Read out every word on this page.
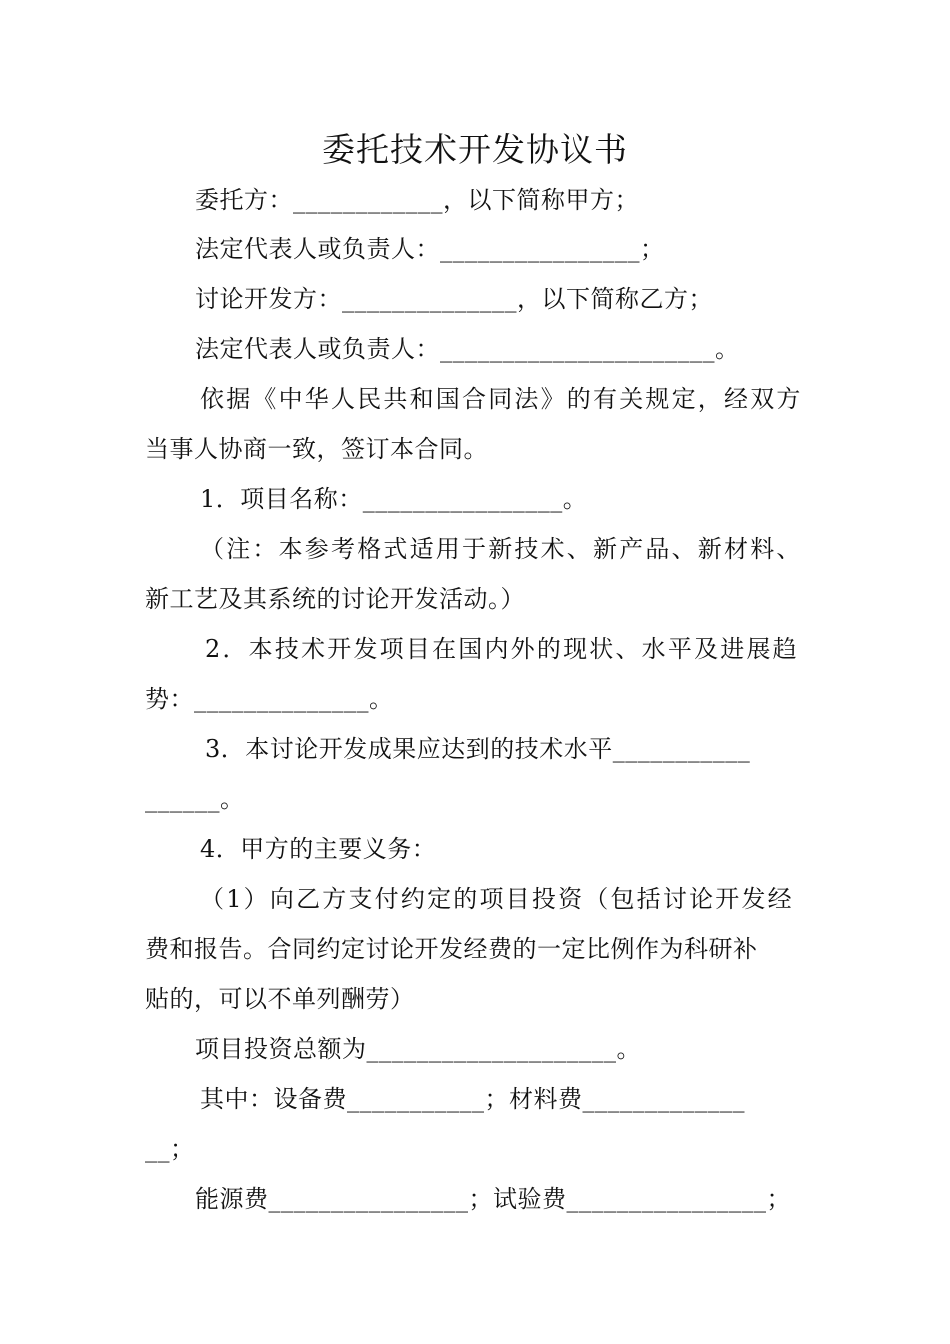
委托技术开发协议书
委托方：____________，以下简称甲方；
法定代表人或负责人：________________；
讨论开发方：______________，以下简称乙方；
法定代表人或负责人：______________________。
依据《中华人民共和国合同法》的有关规定，经双方
当事人协商一致，签订本合同。
1．项目名称：________________。
（注：本参考格式适用于新技术、新产品、新材料、
新工艺及其系统的讨论开发活动。）
2．本技术开发项目在国内外的现状、水平及进展趋
势：______________。
3．本讨论开发成果应达到的技术水平___________
______。
4．甲方的主要义务：
（1）向乙方支付约定的项目投资（包括讨论开发经
费和报告。合同约定讨论开发经费的一定比例作为科研补
贴的，可以不单列酬劳）
项目投资总额为____________________。
其中：设备费___________；材料费_____________
__；
能源费________________；试验费________________；
